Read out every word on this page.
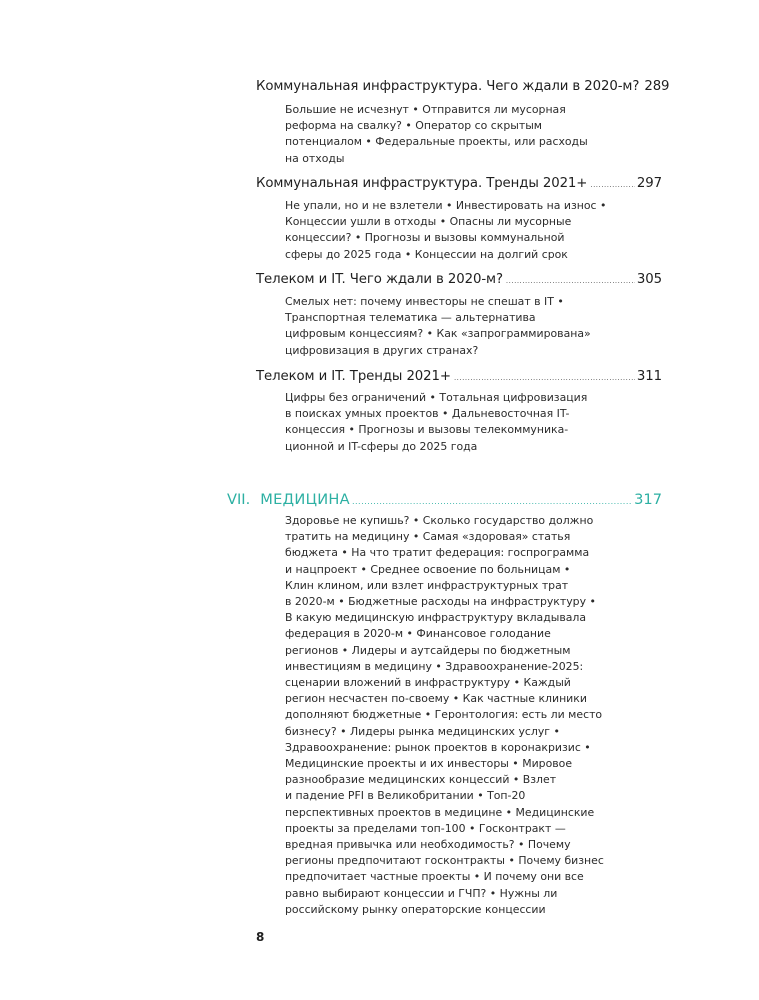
Коммунальная инфраструктура. Чего ждали в 2020-м? 289
Большие не исчезнут • Отправится ли мусорная
реформа на свалку? • Оператор со скрытым
потенциалом • Федеральные проекты, или расходы
на отходы
Коммунальная инфраструктура. Тренды 2021+ .....	297
Не упали, но и не взлетели • Инвестировать на износ •
Концессии ушли в отходы • Опасны ли мусорные
концессии? • Прогнозы и вызовы коммунальной
сферы до 2025 года • Концессии на долгий срок
Телеком и IT. Чего ждали в 2020-м? .....	305
Смелых нет: почему инвесторы не спешат в IT •
Транспортная телематика — альтернатива
цифровым концессиям? • Как «запрограммирована»
цифровизация в других странах?
Телеком и IT. Тренды 2021+ .....	311
Цифры без ограничений • Тотальная цифровизация
в поисках умных проектов • Дальневосточная IT-
концессия • Прогнозы и вызовы телекоммуника-
ционной и IT-сферы до 2025 года
VII. МЕДИЦИНА .....	317
Здоровье не купишь? • Сколько государство должно
тратить на медицину • Самая «здоровая» статья
бюджета • На что тратит федерация: госпрограмма
и нацпроект • Среднее освоение по больницам •
Клин клином, или взлет инфраструктурных трат
в 2020-м • Бюджетные расходы на инфраструктуру •
В какую медицинскую инфраструктуру вкладывала
федерация в 2020-м • Финансовое голодание
регионов • Лидеры и аутсайдеры по бюджетным
инвестициям в медицину • Здравоохранение-2025:
сценарии вложений в инфраструктуру • Каждый
регион несчастен по-своему • Как частные клиники
дополняют бюджетные • Геронтология: есть ли место
бизнесу? • Лидеры рынка медицинских услуг •
Здравоохранение: рынок проектов в коронакризис •
Медицинские проекты и их инвесторы • Мировое
разнообразие медицинских концессий • Взлет
и падение PFI в Великобритании • Топ-20
перспективных проектов в медицине • Медицинские
проекты за пределами топ-100 • Госконтракт —
вредная привычка или необходимость? • Почему
регионы предпочитают госконтракты • Почему бизнес
предпочитает частные проекты • И почему они все
равно выбирают концессии и ГЧП? • Нужны ли
российскому рынку операторские концессии
8
